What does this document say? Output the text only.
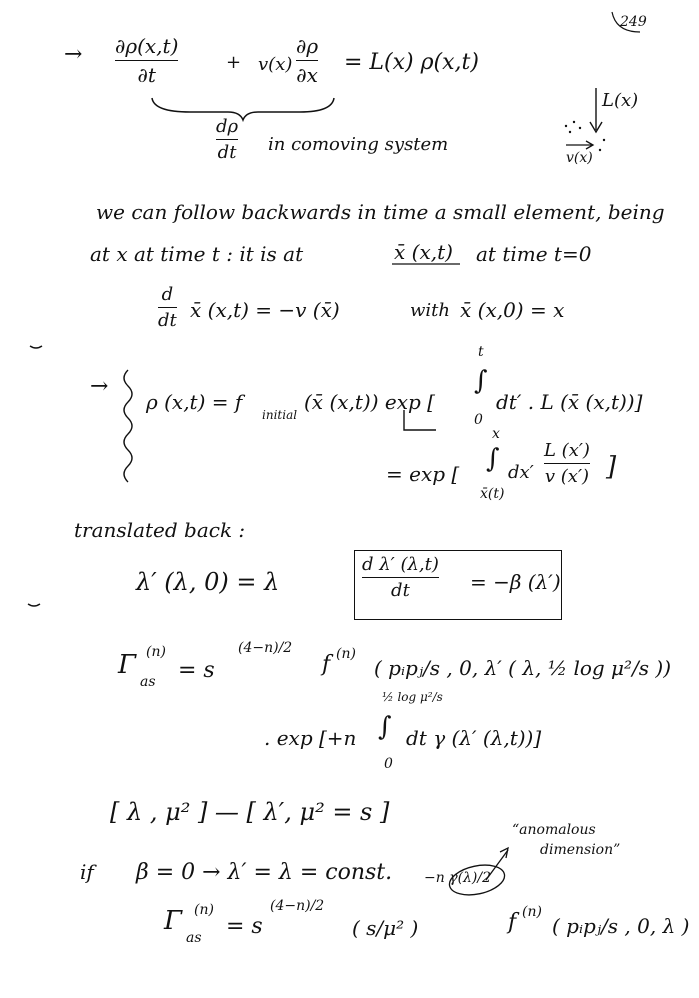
249
→ ∂ρ(x,t)
∂t
+ v(x)
∂ρ
∂x = L(x) ρ(x,t)
dρ
dt in comoving system
L(x)
v(x)
we can follow backwards in time a small element, being
at x at time t : it is at	x̄ (x,t) at time t=0
d
dt x̄ (x,t) = −v (x̄)	with x̄ (x,0) = x
→
ρ (x,t) = f
initial
(x̄ (x,t)) exp [
t
∫
0
dt′ . L (x̄ (x,t))]
= exp [
x
∫
x̄(t)
dx′
L (x′)
v (x′) ]
translated back :
λ′ (λ, 0) = λ
d λ′ (λ,t)
dt	= −β (λ′)
Γ (n)
as = s
(4−n)/2
f (n)
( pᵢpⱼ/s , 0, λ′ ( λ, ½ log μ²/s ))
. exp [+n
½ log μ²/s
∫
0
dt γ (λ′ (λ,t))]
[ λ , μ² ] — [ λ′, μ² = s ]
if β = 0 → λ′ = λ = const.
“anomalous
dimension”
Γ (n)
as = s
(4−n)/2
( s/μ² )
−n γ(λ)/2
f (n)
( pᵢpⱼ/s , 0, λ )
